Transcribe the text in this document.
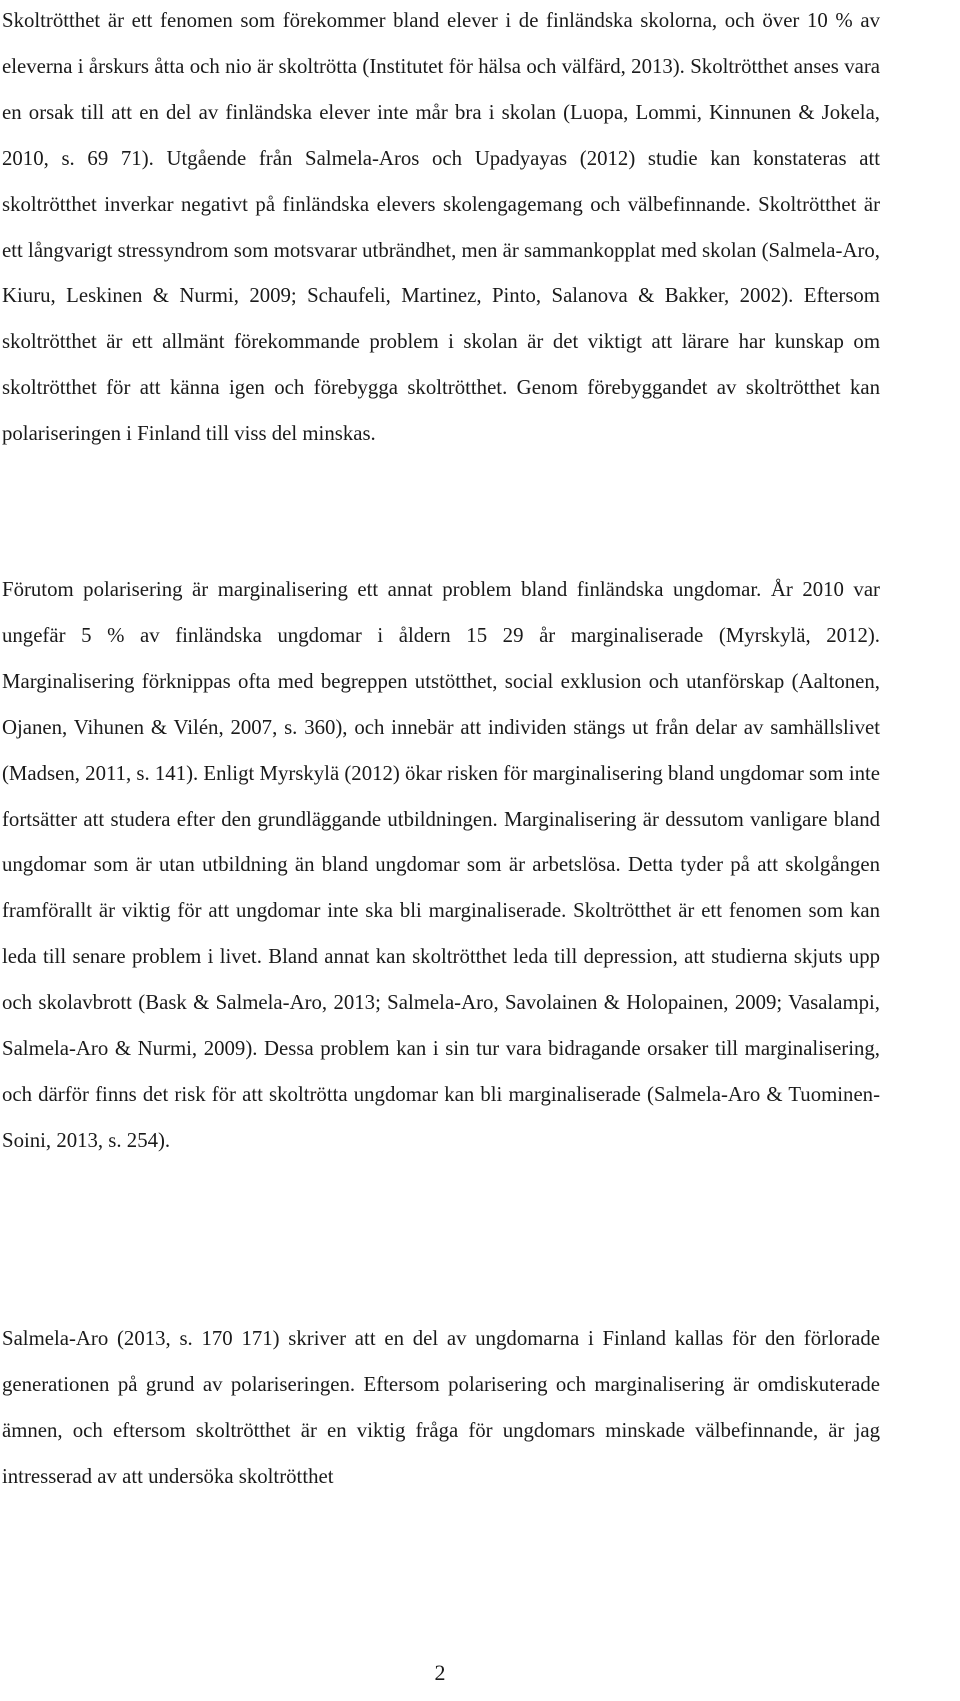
Skoltrötthet är ett fenomen som förekommer bland elever i de finländska skolorna, och över 10 % av eleverna i årskurs åtta och nio är skoltrötta (Institutet för hälsa och välfärd, 2013). Skoltrötthet anses vara en orsak till att en del av finländska elever inte mår bra i skolan (Luopa, Lommi, Kinnunen & Jokela, 2010, s. 69 71). Utgående från Salmela-Aros och Upadyayas (2012) studie kan konstateras att skoltrötthet inverkar negativt på finländska elevers skolengagemang och välbefinnande. Skoltrötthet är ett långvarigt stressyndrom som motsvarar utbrändhet, men är sammankopplat med skolan (Salmela-Aro, Kiuru, Leskinen & Nurmi, 2009; Schaufeli, Martinez, Pinto, Salanova & Bakker, 2002). Eftersom skoltrötthet är ett allmänt förekommande problem i skolan är det viktigt att lärare har kunskap om skoltrötthet för att känna igen och förebygga skoltrötthet. Genom förebyggandet av skoltrötthet kan polariseringen i Finland till viss del minskas.

Förutom polarisering är marginalisering ett annat problem bland finländska ungdomar. År 2010 var ungefär 5 % av finländska ungdomar i åldern 15 29 år marginaliserade (Myrskylä, 2012). Marginalisering förknippas ofta med begreppen utstötthet, social exklusion och utanförskap (Aaltonen, Ojanen, Vihunen & Vilén, 2007, s. 360), och innebär att individen stängs ut från delar av samhällslivet (Madsen, 2011, s. 141). Enligt Myrskylä (2012) ökar risken för marginalisering bland ungdomar som inte fortsätter att studera efter den grundläggande utbildningen. Marginalisering är dessutom vanligare bland ungdomar som är utan utbildning än bland ungdomar som är arbetslösa. Detta tyder på att skolgången framförallt är viktig för att ungdomar inte ska bli marginaliserade. Skoltrötthet är ett fenomen som kan leda till senare problem i livet. Bland annat kan skoltrötthet leda till depression, att studierna skjuts upp och skolavbrott (Bask & Salmela-Aro, 2013; Salmela-Aro, Savolainen & Holopainen, 2009; Vasalampi, Salmela-Aro & Nurmi, 2009). Dessa problem kan i sin tur vara bidragande orsaker till marginalisering, och därför finns det risk för att skoltrötta ungdomar kan bli marginaliserade (Salmela-Aro & Tuominen-Soini, 2013, s. 254).

Salmela-Aro (2013, s. 170 171) skriver att en del av ungdomarna i Finland kallas för den förlorade generationen på grund av polariseringen. Eftersom polarisering och marginalisering är omdiskuterade ämnen, och eftersom skoltrötthet är en viktig fråga för ungdomars minskade välbefinnande, är jag intresserad av att undersöka skoltrötthet

2
